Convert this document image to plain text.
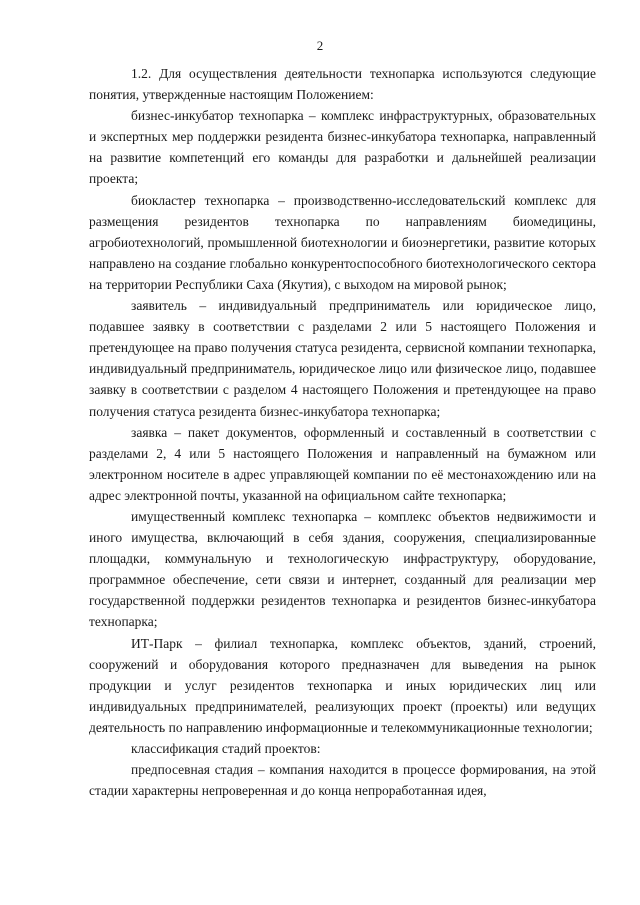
2

1.2. Для осуществления деятельности технопарка используются следующие понятия, утвержденные настоящим Положением:

бизнес-инкубатор технопарка – комплекс инфраструктурных, образовательных и экспертных мер поддержки резидента бизнес-инкубатора технопарка, направленный на развитие компетенций его команды для разработки и дальнейшей реализации проекта;

биокластер технопарка – производственно-исследовательский комплекс для размещения резидентов технопарка по направлениям биомедицины, агробиотехнологий, промышленной биотехнологии и биоэнергетики, развитие которых направлено на создание глобально конкурентоспособного биотехнологического сектора на территории Республики Саха (Якутия), с выходом на мировой рынок;

заявитель – индивидуальный предприниматель или юридическое лицо, подавшее заявку в соответствии с разделами 2 или 5 настоящего Положения и претендующее на право получения статуса резидента, сервисной компании технопарка, индивидуальный предприниматель, юридическое лицо или физическое лицо, подавшее заявку в соответствии с разделом 4 настоящего Положения и претендующее на право получения статуса резидента бизнес-инкубатора технопарка;

заявка – пакет документов, оформленный и составленный в соответствии с разделами 2, 4 или 5 настоящего Положения и направленный на бумажном или электронном носителе в адрес управляющей компании по её местонахождению или на адрес электронной почты, указанной на официальном сайте технопарка;

имущественный комплекс технопарка – комплекс объектов недвижимости и иного имущества, включающий в себя здания, сооружения, специализированные площадки, коммунальную и технологическую инфраструктуру, оборудование, программное обеспечение, сети связи и интернет, созданный для реализации мер государственной поддержки резидентов технопарка и резидентов бизнес-инкубатора технопарка;

ИТ-Парк – филиал технопарка, комплекс объектов, зданий, строений, сооружений и оборудования которого предназначен для выведения на рынок продукции и услуг резидентов технопарка и иных юридических лиц или индивидуальных предпринимателей, реализующих проект (проекты) или ведущих деятельность по направлению информационные и телекоммуникационные технологии;

классификация стадий проектов:

предпосевная стадия – компания находится в процессе формирования, на этой стадии характерны непроверенная и до конца непроработанная идея,
